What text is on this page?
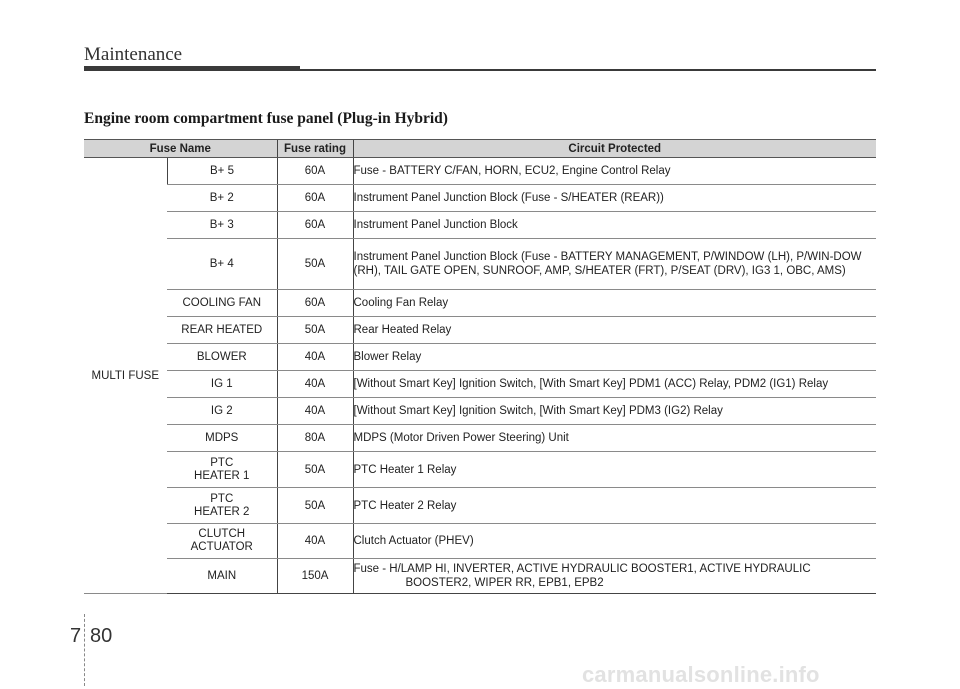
Maintenance
Engine room compartment fuse panel (Plug-in Hybrid)
Fuse Name		Fuse rating	Circuit Protected
MULTI FUSE	B+ 5	60A	Fuse - BATTERY C/FAN, HORN, ECU2, Engine Control Relay
	B+ 2	60A	Instrument Panel Junction Block (Fuse - S/HEATER (REAR))
	B+ 3	60A	Instrument Panel Junction Block
	B+ 4	50A	Instrument Panel Junction Block (Fuse - BATTERY MANAGEMENT, P/WINDOW (LH), P/WIN-DOW (RH), TAIL GATE OPEN, SUNROOF, AMP, S/HEATER (FRT), P/SEAT (DRV), IG3 1, OBC, AMS)
	COOLING FAN	60A	Cooling Fan Relay
	REAR HEATED	50A	Rear Heated Relay
	BLOWER	40A	Blower Relay
	IG 1	40A	[Without Smart Key] Ignition Switch, [With Smart Key] PDM1 (ACC) Relay, PDM2 (IG1) Relay
	IG 2	40A	[Without Smart Key] Ignition Switch, [With Smart Key] PDM3 (IG2) Relay
	MDPS	80A	MDPS (Motor Driven Power Steering) Unit
	PTC
HEATER 1	50A	PTC Heater 1 Relay
	PTC
HEATER 2	50A	PTC Heater 2 Relay
	CLUTCH
ACTUATOR	40A	Clutch Actuator (PHEV)
	MAIN	150A	Fuse - H/LAMP HI, INVERTER, ACTIVE HYDRAULIC BOOSTER1, ACTIVE HYDRAULIC
BOOSTER2, WIPER RR, EPB1, EPB2
7 80
carmanualsonline.info
